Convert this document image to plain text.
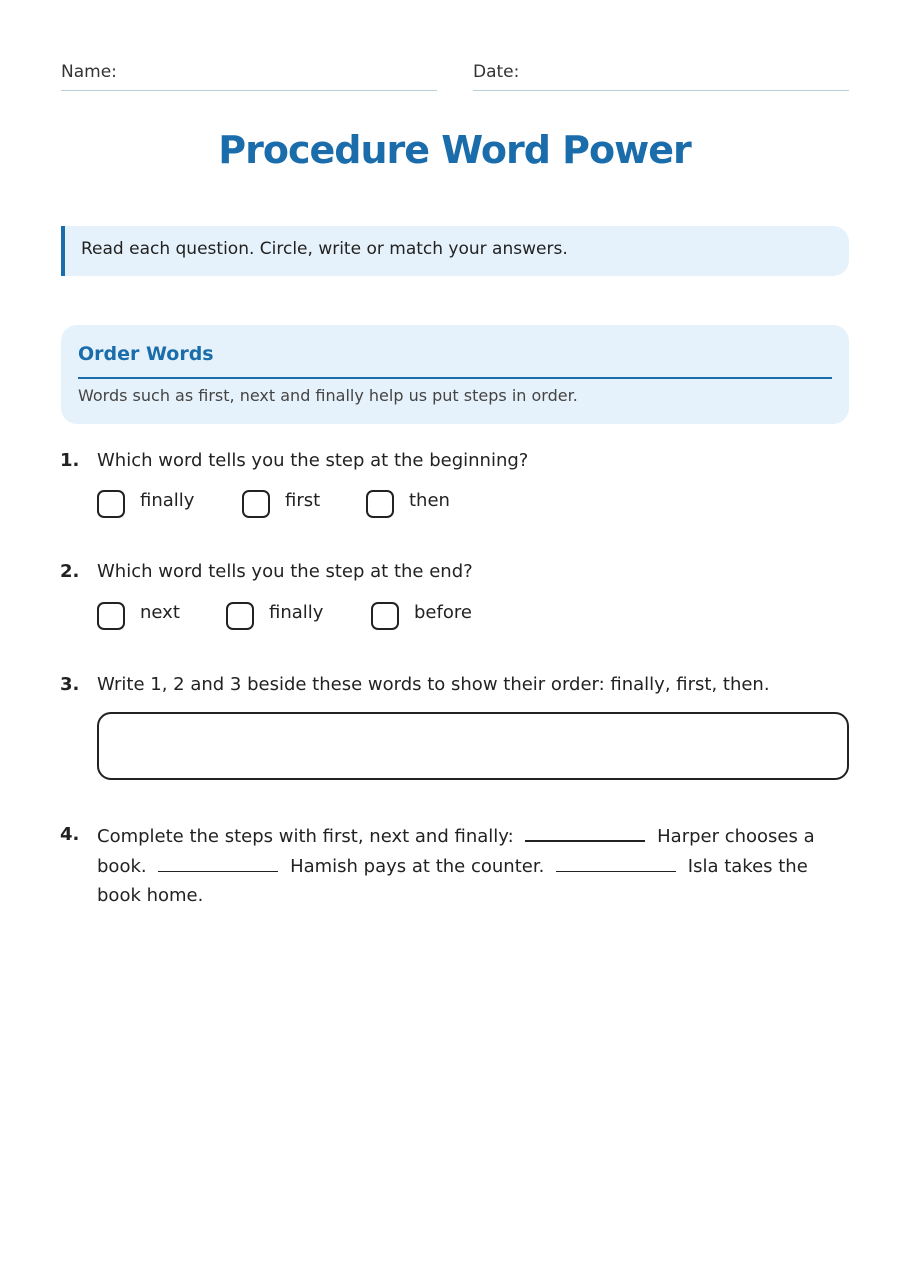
Name:	Date:
Procedure Word Power
Read each question. Circle, write or match your answers.
Order Words
Words such as first, next and finally help us put steps in order.
1. Which word tells you the step at the beginning?
finally	first	then
2. Which word tells you the step at the end?
next	finally	before
3. Write 1, 2 and 3 beside these words to show their order: finally, first, then.
4. Complete the steps with first, next and finally:	Harper chooses a book.	Hamish pays at the counter.	Isla takes the book home.
